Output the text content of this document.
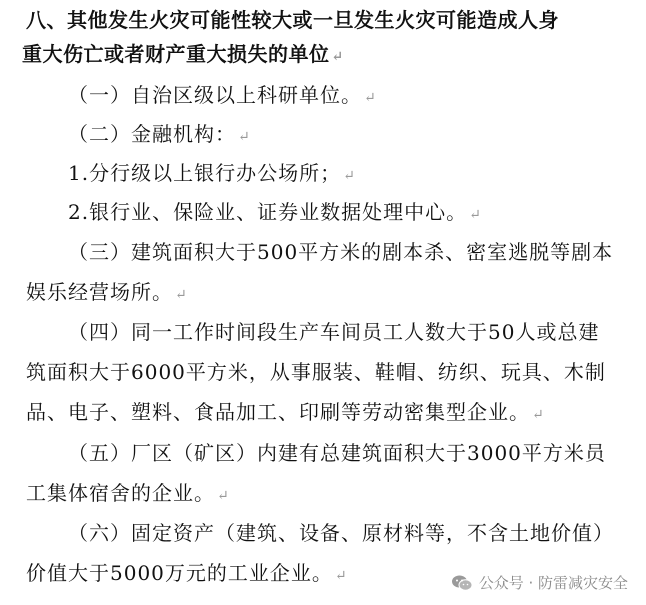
八、其他发生火灾可能性较大或一旦发生火灾可能造成人身
重大伤亡或者财产重大损失的单位 ↵
（一）自治区级以上科研单位。 ↵
（二）金融机构： ↵
1.分行级以上银行办公场所； ↵
2.银行业、保险业、证券业数据处理中心。 ↵
（三）建筑面积大于500平方米的剧本杀、密室逃脱等剧本
娱乐经营场所。 ↵
（四）同一工作时间段生产车间员工人数大于50人或总建
筑面积大于6000平方米，从事服装、鞋帽、纺织、玩具、木制
品、电子、塑料、食品加工、印刷等劳动密集型企业。 ↵
（五）厂区（矿区）内建有总建筑面积大于3000平方米员
工集体宿舍的企业。 ↵
（六）固定资产（建筑、设备、原材料等，不含土地价值）
价值大于5000万元的工业企业。 ↵	公众号 · 防雷减灾安全
